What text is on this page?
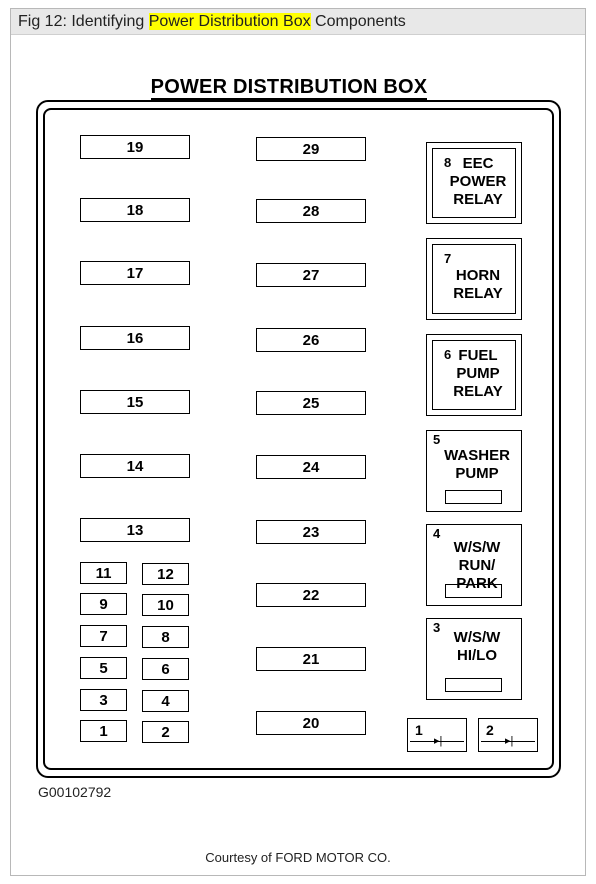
Fig 12: Identifying Power Distribution Box Components
POWER DISTRIBUTION BOX
19
18
17
16
15
14
13
29
28
27
26
25
24
23
22
21
20
11	12
9	10
7	8
5	6
3	4
1	2
8 EEC
POWER
RELAY
7
HORN
RELAY
6 FUEL
PUMP
RELAY
5
WASHER
PUMP
4
W/S/W
RUN/
PARK
3
W/S/W
HI/LO
1
▸|
2
▸|
G00102792
Courtesy of FORD MOTOR CO.
